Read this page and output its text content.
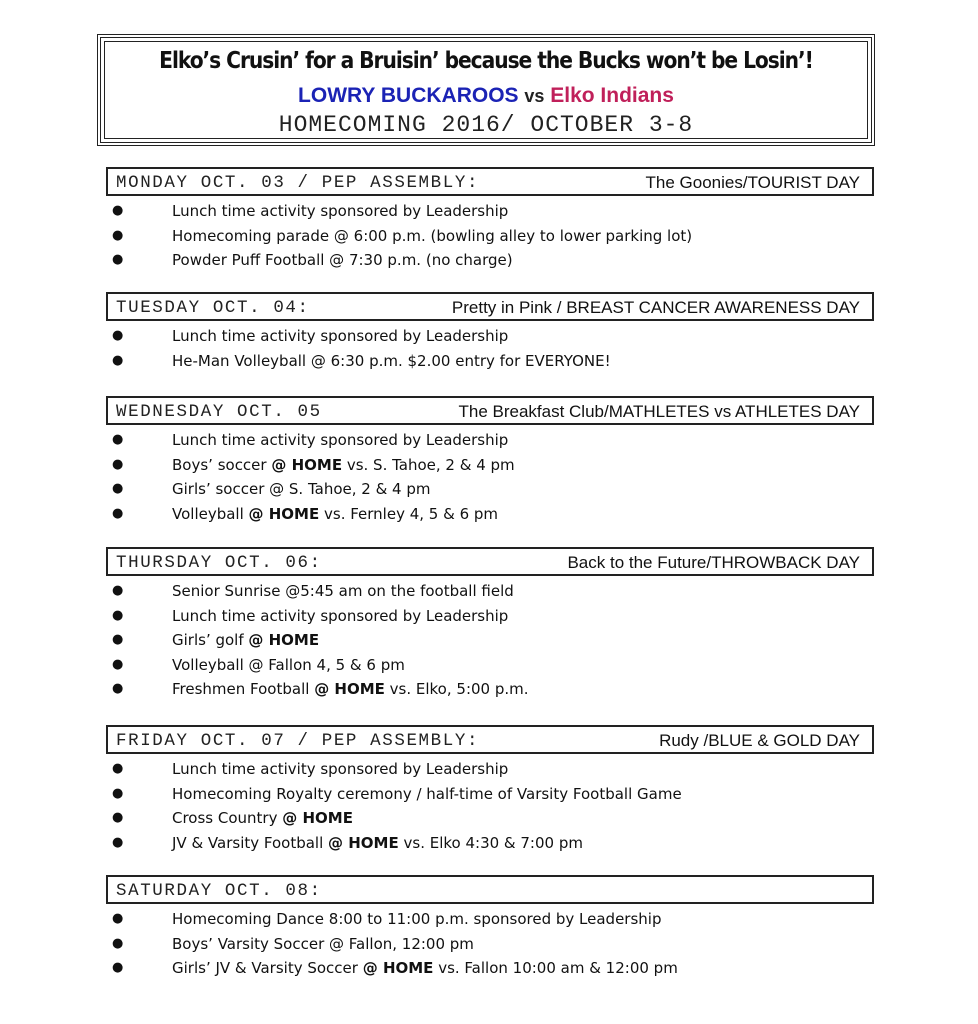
Elko’s Crusin’ for a Bruisin’ because the Bucks won’t be Losin’!
LOWRY BUCKAROOS vs Elko Indians
HOMECOMING 2016/ OCTOBER 3-8
MONDAY OCT. 03 / PEP ASSEMBLY:	The Goonies/TOURIST DAY
●	Lunch time activity sponsored by Leadership
●	Homecoming parade @ 6:00 p.m. (bowling alley to lower parking lot)
●	Powder Puff Football @ 7:30 p.m. (no charge)
TUESDAY OCT. 04:	Pretty in Pink / BREAST CANCER AWARENESS DAY
●	Lunch time activity sponsored by Leadership
●	He-Man Volleyball @ 6:30 p.m. $2.00 entry for EVERYONE!
WEDNESDAY OCT. 05	The Breakfast Club/MATHLETES vs ATHLETES DAY
●	Lunch time activity sponsored by Leadership
●	Boys’ soccer @ HOME vs. S. Tahoe, 2 & 4 pm
●	Girls’ soccer @ S. Tahoe, 2 & 4 pm
●	Volleyball @ HOME vs. Fernley 4, 5 & 6 pm
THURSDAY OCT. 06:	Back to the Future/THROWBACK DAY
●	Senior Sunrise @5:45 am on the football field
●	Lunch time activity sponsored by Leadership
●	Girls’ golf @ HOME
●	Volleyball @ Fallon 4, 5 & 6 pm
●	Freshmen Football @ HOME vs. Elko, 5:00 p.m.
FRIDAY OCT. 07 / PEP ASSEMBLY:	Rudy /BLUE & GOLD DAY
●	Lunch time activity sponsored by Leadership
●	Homecoming Royalty ceremony / half-time of Varsity Football Game
●	Cross Country @ HOME
●	JV & Varsity Football @ HOME vs. Elko 4:30 & 7:00 pm
SATURDAY OCT. 08:
●	Homecoming Dance 8:00 to 11:00 p.m. sponsored by Leadership
●	Boys’ Varsity Soccer @ Fallon, 12:00 pm
●	Girls’ JV & Varsity Soccer @ HOME vs. Fallon 10:00 am & 12:00 pm
